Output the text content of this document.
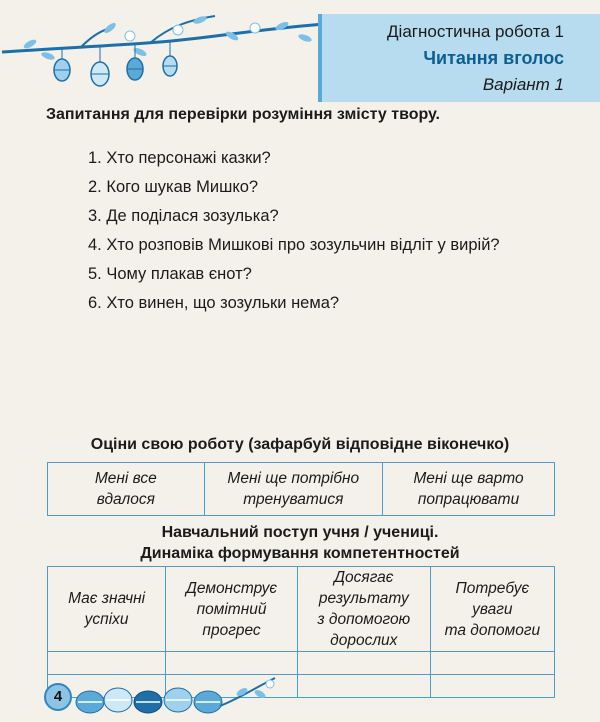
Діагностична робота 1
Читання вголос
Варіант 1
Запитання для перевірки розуміння змісту твору.
1. Хто персонажі казки?
2. Кого шукав Мишко?
3. Де поділася зозулька?
4. Хто розповів Мишкові про зозульчин відліт у вирій?
5. Чому плакав єнот?
6. Хто винен, що зозульки нема?
Оціни свою роботу (зафарбуй відповідне віконечко)
Мені все
вдалося	Мені ще потрібно
тренуватися	Мені ще варто
попрацювати
Навчальний поступ учня / учениці.
Динаміка формування компетентностей
Має значні
успіхи	Демонструє
помітний
прогрес	Досягає
результату
з допомогою
дорослих	Потребує
уваги
та допомоги

4
